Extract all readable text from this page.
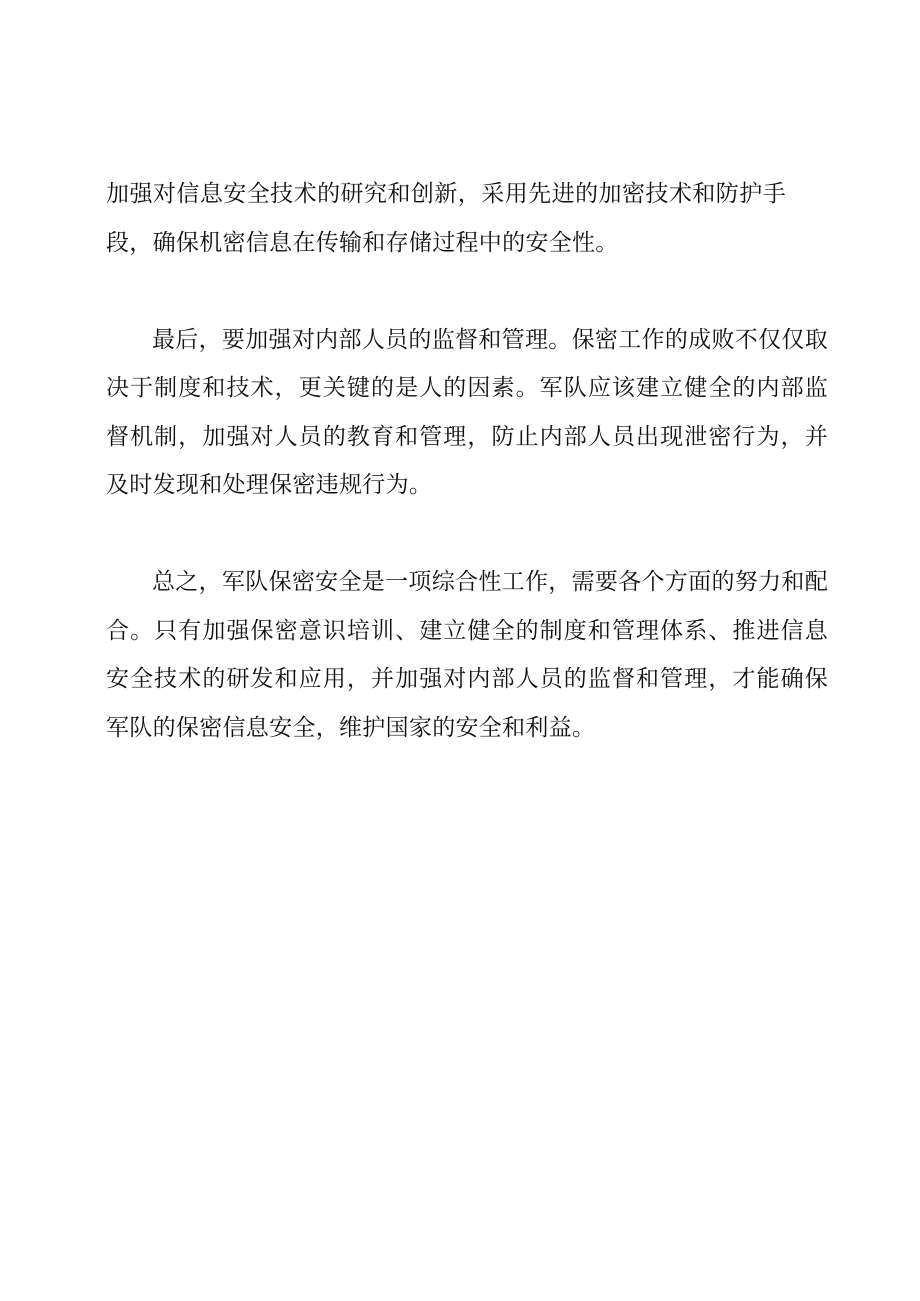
加强对信息安全技术的研究和创新，采用先进的加密技术和防护手段，确保机密信息在传输和存储过程中的安全性。

最后，要加强对内部人员的监督和管理。保密工作的成败不仅仅取决于制度和技术，更关键的是人的因素。军队应该建立健全的内部监督机制，加强对人员的教育和管理，防止内部人员出现泄密行为，并及时发现和处理保密违规行为。

总之，军队保密安全是一项综合性工作，需要各个方面的努力和配合。只有加强保密意识培训、建立健全的制度和管理体系、推进信息安全技术的研发和应用，并加强对内部人员的监督和管理，才能确保军队的保密信息安全，维护国家的安全和利益。
